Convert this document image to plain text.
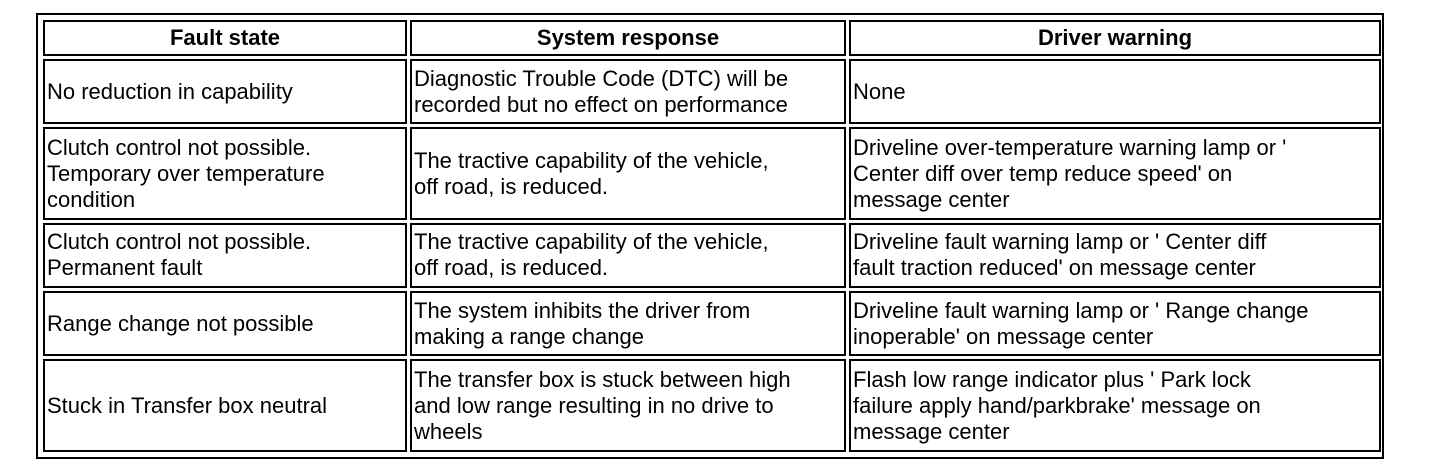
Fault state	System response	Driver warning

No reduction in capability	Diagnostic Trouble Code (DTC) will be
recorded but no effect on performance	None

Clutch control not possible.
Temporary over temperature
condition	The tractive capability of the vehicle,
off road, is reduced.	Driveline over-temperature warning lamp or '
Center diff over temp reduce speed' on
message center

Clutch control not possible.
Permanent fault	The tractive capability of the vehicle,
off road, is reduced.	Driveline fault warning lamp or ' Center diff
fault traction reduced' on message center

Range change not possible	The system inhibits the driver from
making a range change	Driveline fault warning lamp or ' Range change
inoperable' on message center

Stuck in Transfer box neutral	The transfer box is stuck between high
and low range resulting in no drive to
wheels	Flash low range indicator plus ' Park lock
failure apply hand/parkbrake' message on
message center
